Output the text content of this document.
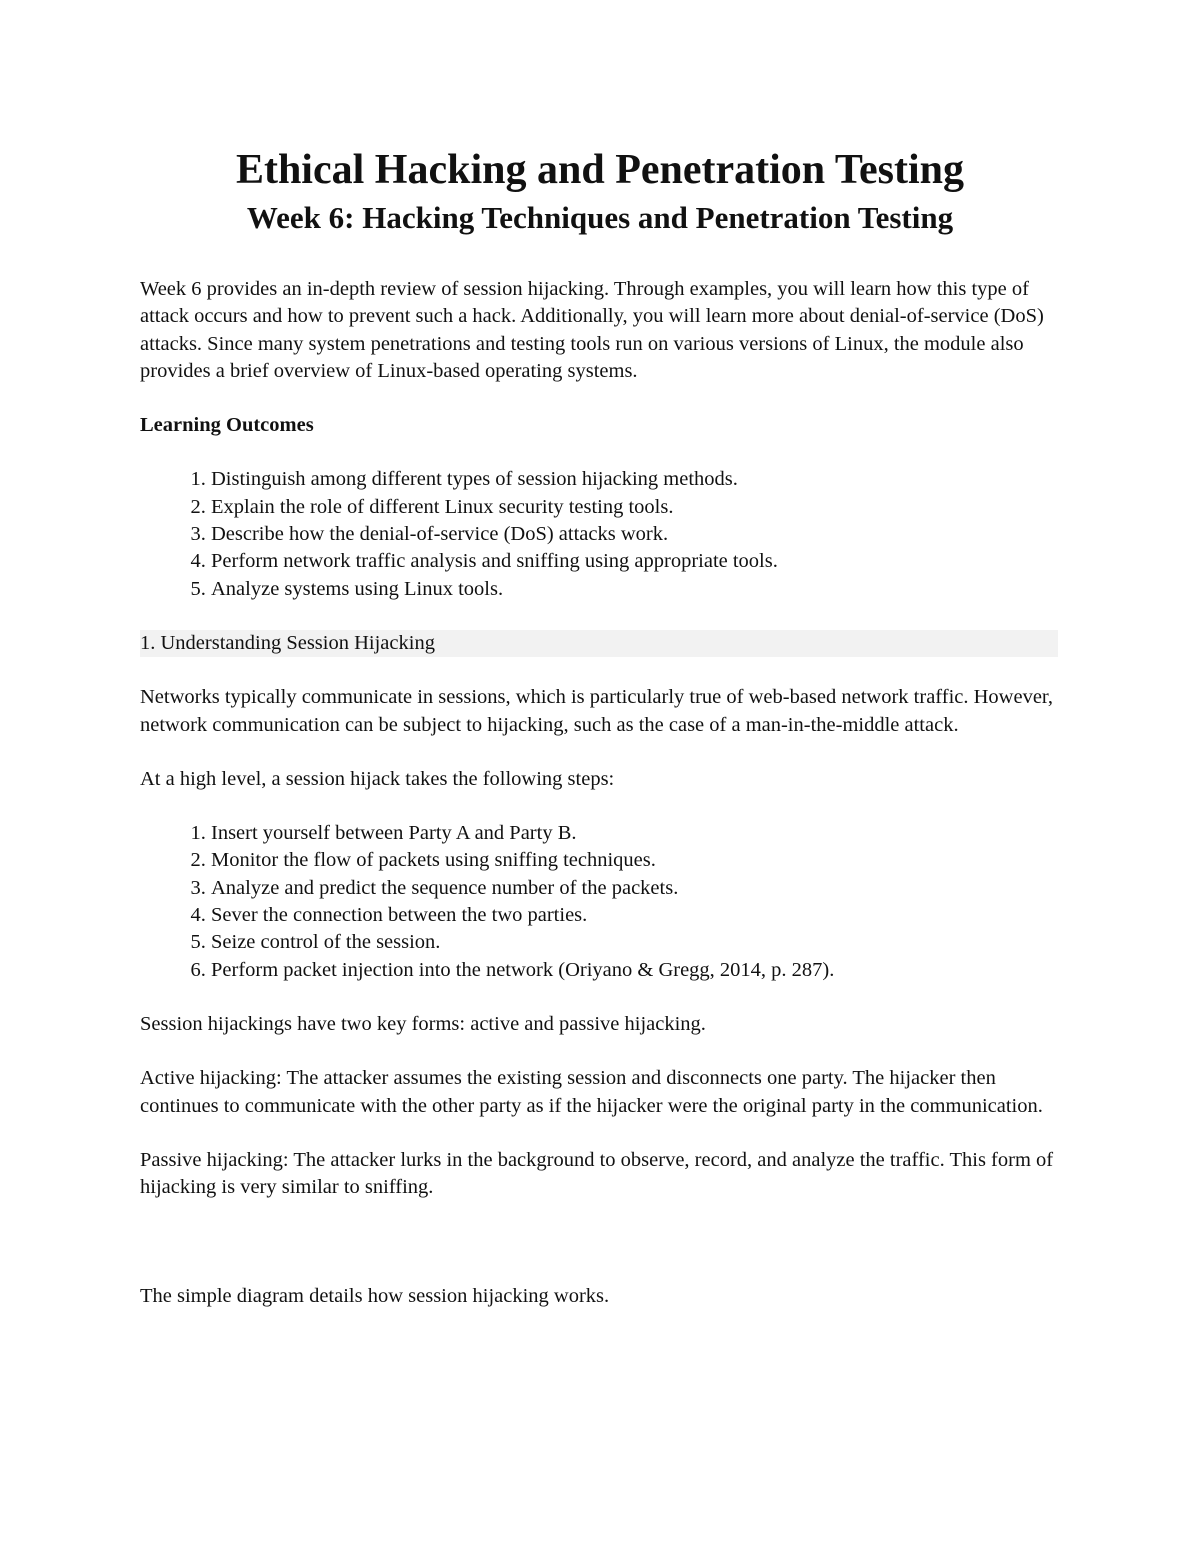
Ethical Hacking and Penetration Testing
Week 6: Hacking Techniques and Penetration Testing

Week 6 provides an in-depth review of session hijacking. Through examples, you will learn how this type of attack occurs and how to prevent such a hack. Additionally, you will learn more about denial-of-service (DoS) attacks. Since many system penetrations and testing tools run on various versions of Linux, the module also provides a brief overview of Linux-based operating systems.

Learning Outcomes

1. Distinguish among different types of session hijacking methods.
2. Explain the role of different Linux security testing tools.
3. Describe how the denial-of-service (DoS) attacks work.
4. Perform network traffic analysis and sniffing using appropriate tools.
5. Analyze systems using Linux tools.

1. Understanding Session Hijacking

Networks typically communicate in sessions, which is particularly true of web-based network traffic. However, network communication can be subject to hijacking, such as the case of a man-in-the-middle attack.

At a high level, a session hijack takes the following steps:

1. Insert yourself between Party A and Party B.
2. Monitor the flow of packets using sniffing techniques.
3. Analyze and predict the sequence number of the packets.
4. Sever the connection between the two parties.
5. Seize control of the session.
6. Perform packet injection into the network (Oriyano & Gregg, 2014, p. 287).

Session hijackings have two key forms: active and passive hijacking.

Active hijacking: The attacker assumes the existing session and disconnects one party. The hijacker then continues to communicate with the other party as if the hijacker were the original party in the communication.

Passive hijacking: The attacker lurks in the background to observe, record, and analyze the traffic. This form of hijacking is very similar to sniffing.

The simple diagram details how session hijacking works.
